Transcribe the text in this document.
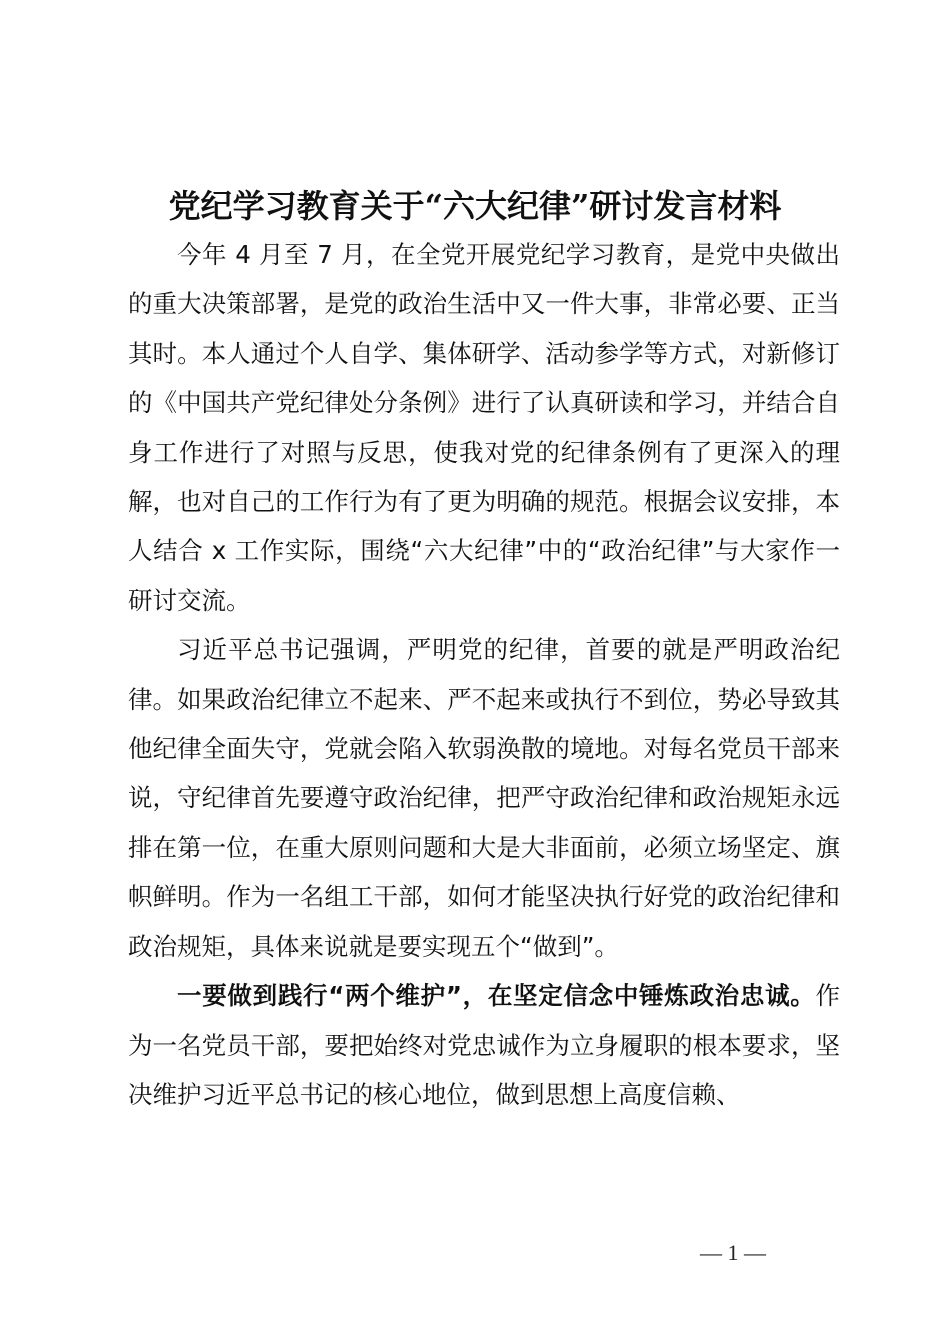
党纪学习教育关于“六大纪律”研讨发言材料

今年 4 月至 7 月，在全党开展党纪学习教育，是党中央做出的重大决策部署，是党的政治生活中又一件大事，非常必要、正当其时。本人通过个人自学、集体研学、活动参学等方式，对新修订的《中国共产党纪律处分条例》进行了认真研读和学习，并结合自身工作进行了对照与反思，使我对党的纪律条例有了更深入的理解，也对自己的工作行为有了更为明确的规范。根据会议安排，本人结合 x 工作实际，围绕“六大纪律”中的“政治纪律”与大家作一研讨交流。

习近平总书记强调，严明党的纪律，首要的就是严明政治纪律。如果政治纪律立不起来、严不起来或执行不到位，势必导致其他纪律全面失守，党就会陷入软弱涣散的境地。对每名党员干部来说，守纪律首先要遵守政治纪律，把严守政治纪律和政治规矩永远排在第一位，在重大原则问题和大是大非面前，必须立场坚定、旗帜鲜明。作为一名组工干部，如何才能坚决执行好党的政治纪律和政治规矩，具体来说就是要实现五个“做到”。

一要做到践行“两个维护”，在坚定信念中锤炼政治忠诚。作为一名党员干部，要把始终对党忠诚作为立身履职的根本要求，坚决维护习近平总书记的核心地位，做到思想上高度信赖、

— 1 —
